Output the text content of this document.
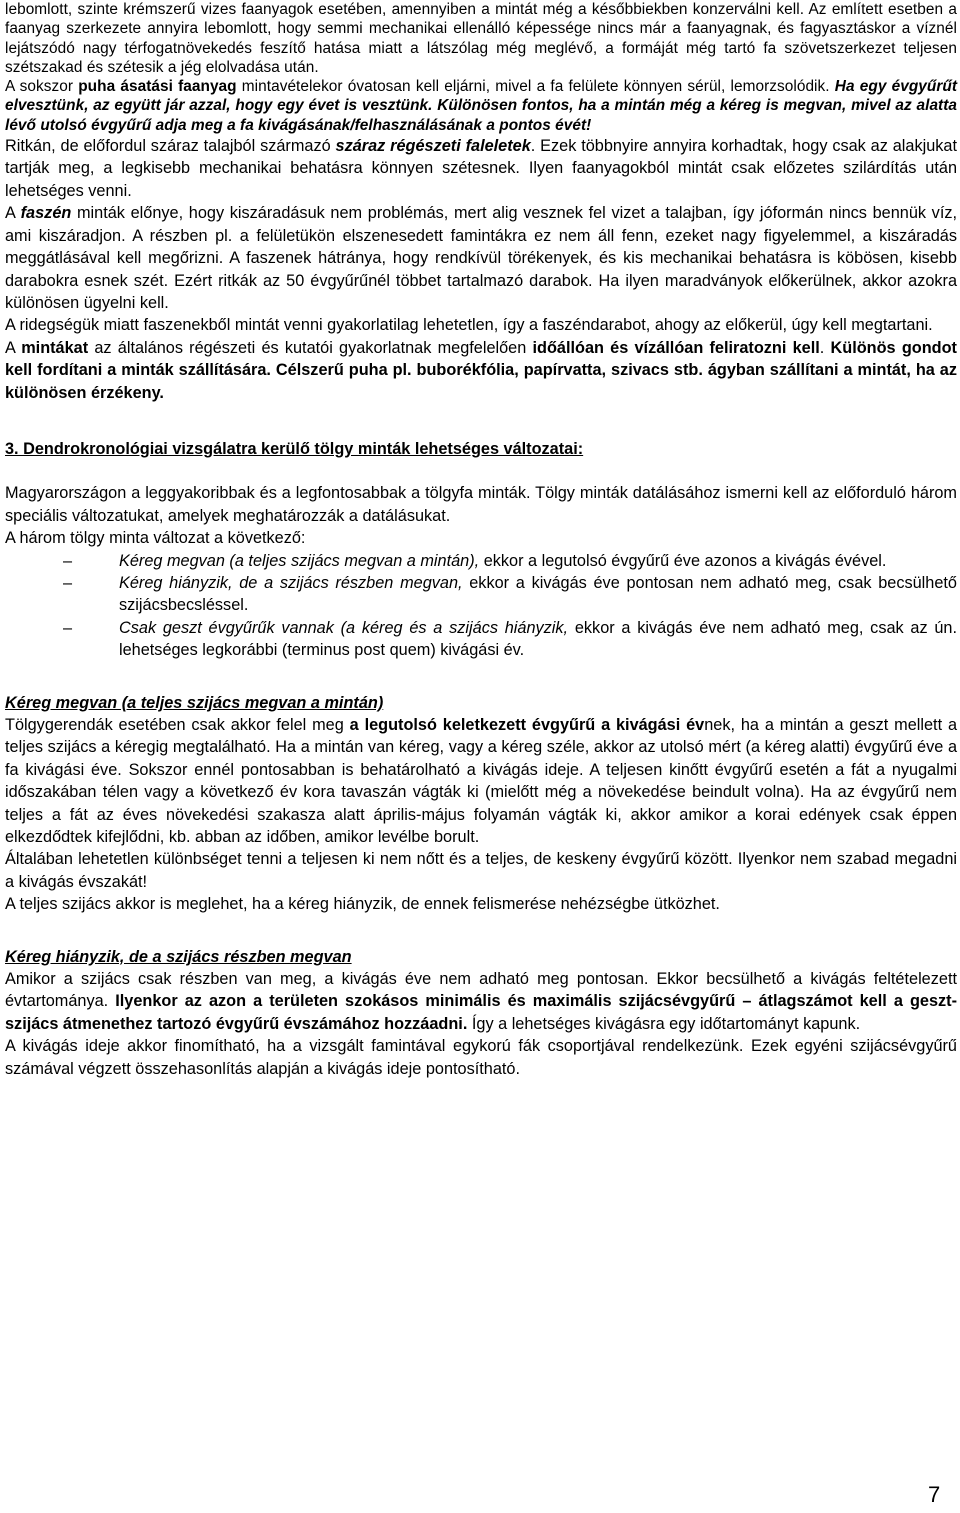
lebomlott, szinte krémszerű vizes faanyagok esetében, amennyiben a mintát még a későbbiekben konzerválni kell. Az említett esetben a faanyag szerkezete annyira lebomlott, hogy semmi mechanikai ellenálló képessége nincs már a faanyagnak, és fagyasztáskor a víznél lejátszódó nagy térfogatnövekedés feszítő hatása miatt a látszólag még meglévő, a formáját még tartó fa szövetszerkezet teljesen szétszakad és szétesik a jég elolvadása után.

A sokszor puha ásatási faanyag mintavételekor óvatosan kell eljárni, mivel a fa felülete könnyen sérül, lemorzsolódik. Ha egy évgyűrűt elvesztünk, az együtt jár azzal, hogy egy évet is vesztünk. Különösen fontos, ha a mintán még a kéreg is megvan, mivel az alatta lévő utolsó évgyűrű adja meg a fa kivágásának/felhasználásának a pontos évét!

Ritkán, de előfordul száraz talajból származó száraz régészeti faleletek. Ezek többnyire annyira korhadtak, hogy csak az alakjukat tartják meg, a legkisebb mechanikai behatásra könnyen szétesnek. Ilyen faanyagokból mintát csak előzetes szilárdítás után lehetséges venni.

A faszén minták előnye, hogy kiszáradásuk nem problémás, mert alig vesznek fel vizet a talajban, így jóformán nincs bennük víz, ami kiszáradjon. A részben pl. a felületükön elszenesedett famintákra ez nem áll fenn, ezeket nagy figyelemmel, a kiszáradás meggátlásával kell megőrizni. A faszenek hátránya, hogy rendkívül törékenyek, és kis mechanikai behatásra is köbösen, kisebb darabokra esnek szét. Ezért ritkák az 50 évgyűrűnél többet tartalmazó darabok. Ha ilyen maradványok előkerülnek, akkor azokra különösen ügyelni kell.

A ridegségük miatt faszenekből mintát venni gyakorlatilag lehetetlen, így a faszéndarabot, ahogy az előkerül, úgy kell megtartani.

A mintákat az általános régészeti és kutatói gyakorlatnak megfelelően időállóan és vízállóan feliratozni kell. Különös gondot kell fordítani a minták szállítására. Célszerű puha pl. buborékfólia, papírvatta, szivacs stb. ágyban szállítani a mintát, ha az különösen érzékeny.

3. Dendrokronológiai vizsgálatra kerülő tölgy minták lehetséges változatai:

Magyarországon a leggyakoribbak és a legfontosabbak a tölgyfa minták. Tölgy minták datálásához ismerni kell az előforduló három speciális változatukat, amelyek meghatározzák a datálásukat.

A három tölgy minta változat a következő:

–	Kéreg megvan (a teljes szijács megvan a mintán), ekkor a legutolsó évgyűrű éve azonos a kivágás évével.
–	Kéreg hiányzik, de a szijács részben megvan, ekkor a kivágás éve pontosan nem adható meg, csak becsülhető szijácsbecsléssel.
–	Csak geszt évgyűrűk vannak (a kéreg és a szijács hiányzik, ekkor a kivágás éve nem adható meg, csak az ún. lehetséges legkorábbi (terminus post quem) kivágási év.

Kéreg megvan (a teljes szijács megvan a mintán)

Tölgygerendák esetében csak akkor felel meg a legutolsó keletkezett évgyűrű a kivágási évnek, ha a mintán a geszt mellett a teljes szijács a kéregig megtalálható. Ha a mintán van kéreg, vagy a kéreg széle, akkor az utolsó mért (a kéreg alatti) évgyűrű éve a fa kivágási éve. Sokszor ennél pontosabban is behatárolható a kivágás ideje. A teljesen kinőtt évgyűrű esetén a fát a nyugalmi időszakában télen vagy a következő év kora tavaszán vágták ki (mielőtt még a növekedése beindult volna). Ha az évgyűrű nem teljes a fát az éves növekedési szakasza alatt április-május folyamán vágták ki, akkor amikor a korai edények csak éppen elkezdődtek kifejlődni, kb. abban az időben, amikor levélbe borult.

Általában lehetetlen különbséget tenni a teljesen ki nem nőtt és a teljes, de keskeny évgyűrű között. Ilyenkor nem szabad megadni a kivágás évszakát!

A teljes szijács akkor is meglehet, ha a kéreg hiányzik, de ennek felismerése nehézségbe ütközhet.

Kéreg hiányzik, de a szijács részben megvan

Amikor a szijács csak részben van meg, a kivágás éve nem adható meg pontosan. Ekkor becsülhető a kivágás feltételezett évtartománya. Ilyenkor az azon a területen szokásos minimális és maximális szijácsévgyűrű – átlagszámot kell a geszt-szijács átmenethez tartozó évgyűrű évszámához hozzáadni. Így a lehetséges kivágásra egy időtartományt kapunk.

A kivágás ideje akkor finomítható, ha a vizsgált famintával egykorú fák csoportjával rendelkezünk. Ezek egyéni szijácsévgyűrű számával végzett összehasonlítás alapján a kivágás ideje pontosítható.

7
